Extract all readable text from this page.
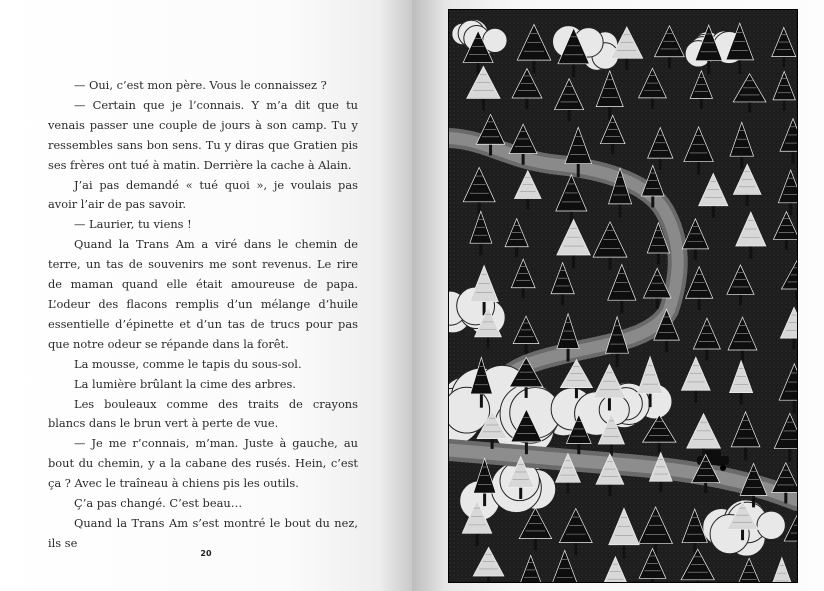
— Oui, c’est mon père. Vous le connaissez ?

— Certain que je l’connais. Y m’a dit que tu venais passer une couple de jours à son camp. Tu y ressembles sans bon sens. Tu y diras que Gratien pis ses frères ont tué à matin. Derrière la cache à Alain.

J’ai pas demandé « tué quoi », je voulais pas avoir l’air de pas savoir.

— Laurier, tu viens !

Quand la Trans Am a viré dans le chemin de terre, un tas de souvenirs me sont revenus. Le rire de maman quand elle était amoureuse de papa. L’odeur des flacons remplis d’un mélange d’huile essentielle d’épinette et d’un tas de trucs pour pas que notre odeur se répande dans la forêt.

La mousse, comme le tapis du sous-sol.

La lumière brûlant la cime des arbres.

Les bouleaux comme des traits de crayons blancs dans le brun vert à perte de vue.

— Je me r’connais, m’man. Juste à gauche, au bout du chemin, y a la cabane des rusés. Hein, c’est ça ? Avec le traîneau à chiens pis les outils.

Ç’a pas changé. C’est beau…

Quand la Trans Am s’est montré le bout du nez, ils se

20
